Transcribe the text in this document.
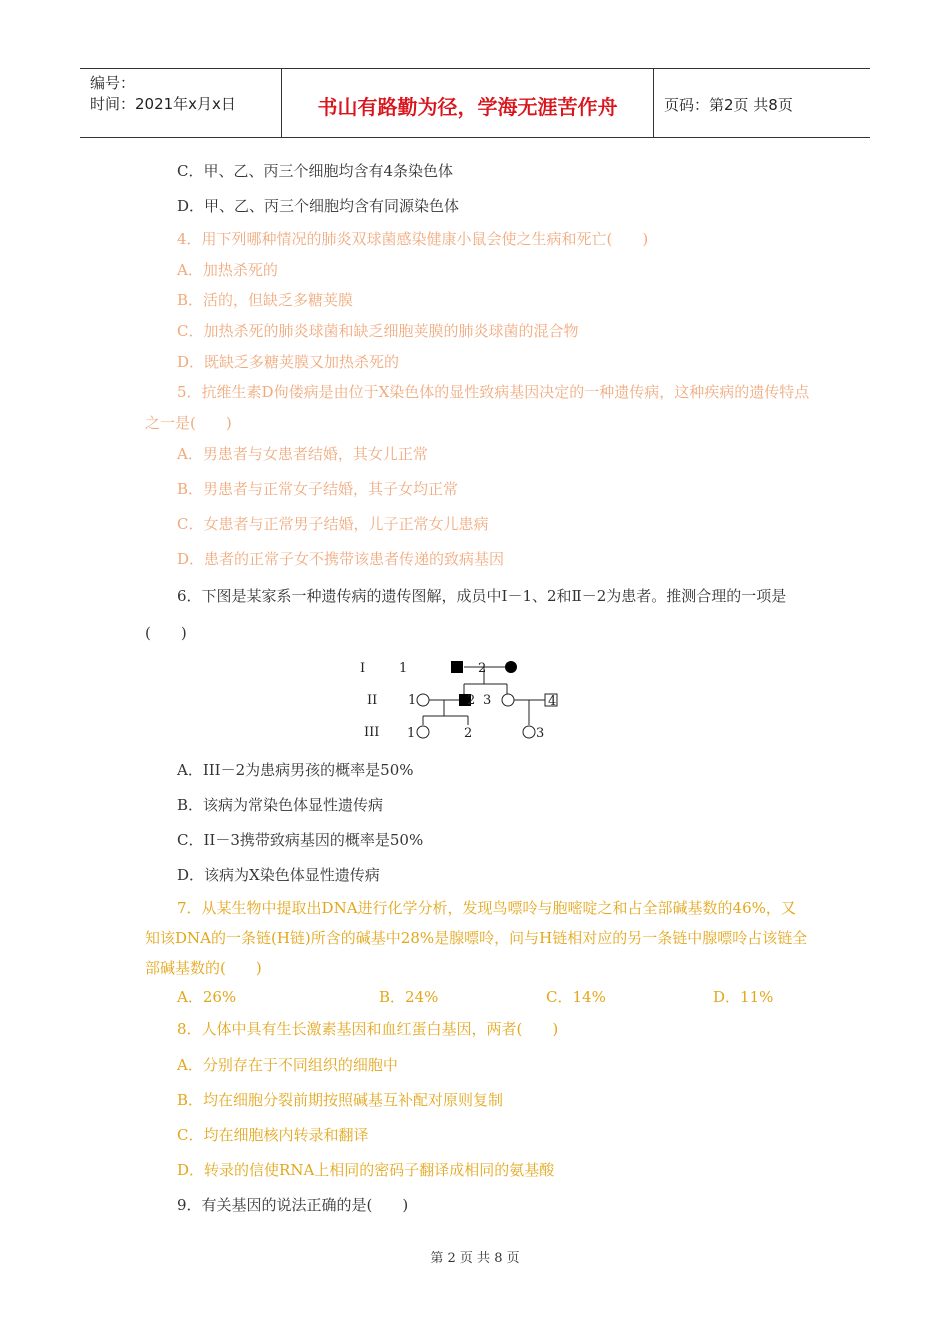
编号：
时间：2021年x月x日	书山有路勤为径，学海无涯苦作舟	页码：第2页 共8页
C．甲、乙、丙三个细胞均含有4条染色体
D．甲、乙、丙三个细胞均含有同源染色体
4．用下列哪种情况的肺炎双球菌感染健康小鼠会使之生病和死亡(　　)
A．加热杀死的
B．活的，但缺乏多糖荚膜
C．加热杀死的肺炎球菌和缺乏细胞荚膜的肺炎球菌的混合物
D．既缺乏多糖荚膜又加热杀死的
5．抗维生素D佝偻病是由位于X染色体的显性致病基因决定的一种遗传病，这种疾病的遗传特点之一是(　　)
A．男患者与女患者结婚，其女儿正常
B．男患者与正常女子结婚，其子女均正常
C．女患者与正常男子结婚，儿子正常女儿患病
D．患者的正常子女不携带该患者传递的致病基因
6．下图是某家系一种遗传病的遗传图解，成员中Ⅰ－1、2和Ⅱ－2为患者。推测合理的一项是(　　)
I
II
III
1	2
1	2 3	4
1	2	3
A．III－2为患病男孩的概率是50%
B．该病为常染色体显性遗传病
C．II－3携带致病基因的概率是50%
D．该病为X染色体显性遗传病
7．从某生物中提取出DNA进行化学分析，发现鸟嘌呤与胞嘧啶之和占全部碱基数的46%，又知该DNA的一条链(H链)所含的碱基中28%是腺嘌呤，问与H链相对应的另一条链中腺嘌呤占该链全部碱基数的(　　)
A．26%	B．24%	C．14%	D．11%
8．人体中具有生长激素基因和血红蛋白基因，两者(　　)
A．分别存在于不同组织的细胞中
B．均在细胞分裂前期按照碱基互补配对原则复制
C．均在细胞核内转录和翻译
D．转录的信使RNA上相同的密码子翻译成相同的氨基酸
9．有关基因的说法正确的是(　　)
第 2 页 共 8 页
